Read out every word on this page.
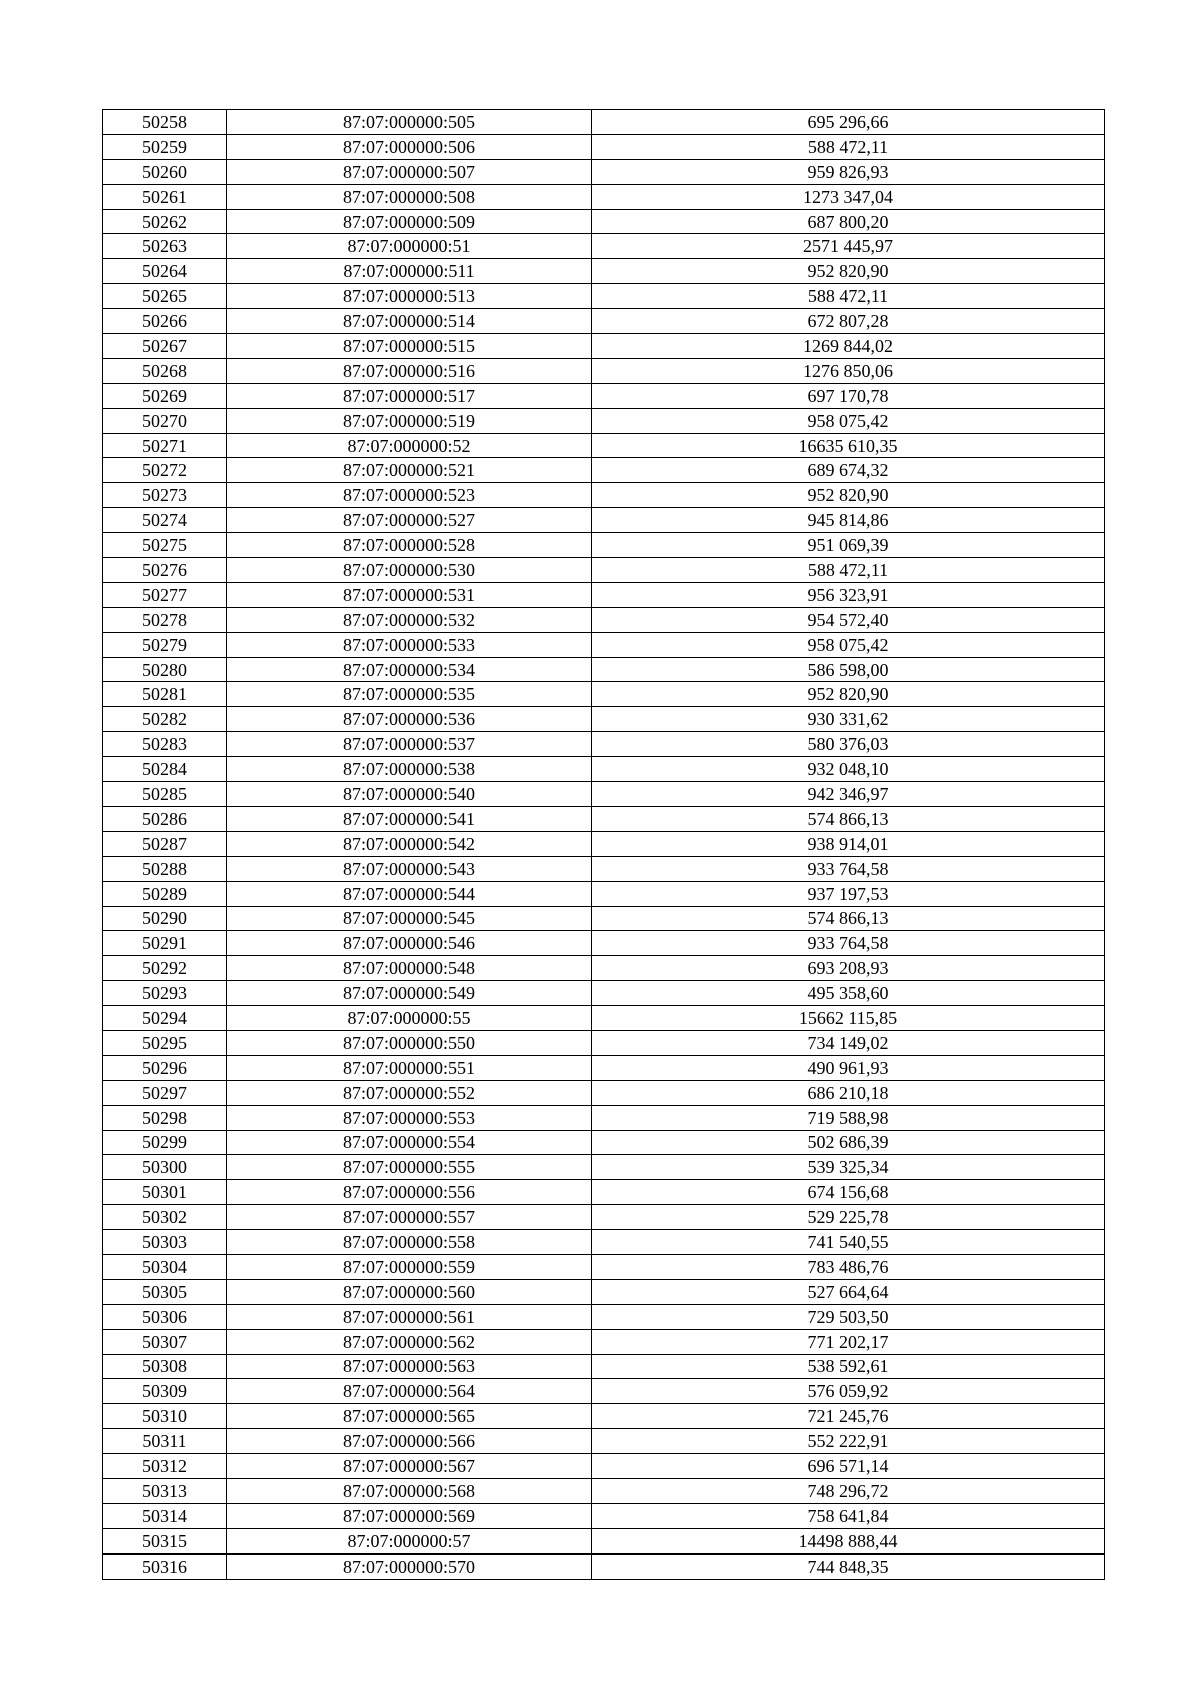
50258	87:07:000000:505	695 296,66
50259	87:07:000000:506	588 472,11
50260	87:07:000000:507	959 826,93
50261	87:07:000000:508	1273 347,04
50262	87:07:000000:509	687 800,20
50263	87:07:000000:51	2571 445,97
50264	87:07:000000:511	952 820,90
50265	87:07:000000:513	588 472,11
50266	87:07:000000:514	672 807,28
50267	87:07:000000:515	1269 844,02
50268	87:07:000000:516	1276 850,06
50269	87:07:000000:517	697 170,78
50270	87:07:000000:519	958 075,42
50271	87:07:000000:52	16635 610,35
50272	87:07:000000:521	689 674,32
50273	87:07:000000:523	952 820,90
50274	87:07:000000:527	945 814,86
50275	87:07:000000:528	951 069,39
50276	87:07:000000:530	588 472,11
50277	87:07:000000:531	956 323,91
50278	87:07:000000:532	954 572,40
50279	87:07:000000:533	958 075,42
50280	87:07:000000:534	586 598,00
50281	87:07:000000:535	952 820,90
50282	87:07:000000:536	930 331,62
50283	87:07:000000:537	580 376,03
50284	87:07:000000:538	932 048,10
50285	87:07:000000:540	942 346,97
50286	87:07:000000:541	574 866,13
50287	87:07:000000:542	938 914,01
50288	87:07:000000:543	933 764,58
50289	87:07:000000:544	937 197,53
50290	87:07:000000:545	574 866,13
50291	87:07:000000:546	933 764,58
50292	87:07:000000:548	693 208,93
50293	87:07:000000:549	495 358,60
50294	87:07:000000:55	15662 115,85
50295	87:07:000000:550	734 149,02
50296	87:07:000000:551	490 961,93
50297	87:07:000000:552	686 210,18
50298	87:07:000000:553	719 588,98
50299	87:07:000000:554	502 686,39
50300	87:07:000000:555	539 325,34
50301	87:07:000000:556	674 156,68
50302	87:07:000000:557	529 225,78
50303	87:07:000000:558	741 540,55
50304	87:07:000000:559	783 486,76
50305	87:07:000000:560	527 664,64
50306	87:07:000000:561	729 503,50
50307	87:07:000000:562	771 202,17
50308	87:07:000000:563	538 592,61
50309	87:07:000000:564	576 059,92
50310	87:07:000000:565	721 245,76
50311	87:07:000000:566	552 222,91
50312	87:07:000000:567	696 571,14
50313	87:07:000000:568	748 296,72
50314	87:07:000000:569	758 641,84
50315	87:07:000000:57	14498 888,44
50316	87:07:000000:570	744 848,35
